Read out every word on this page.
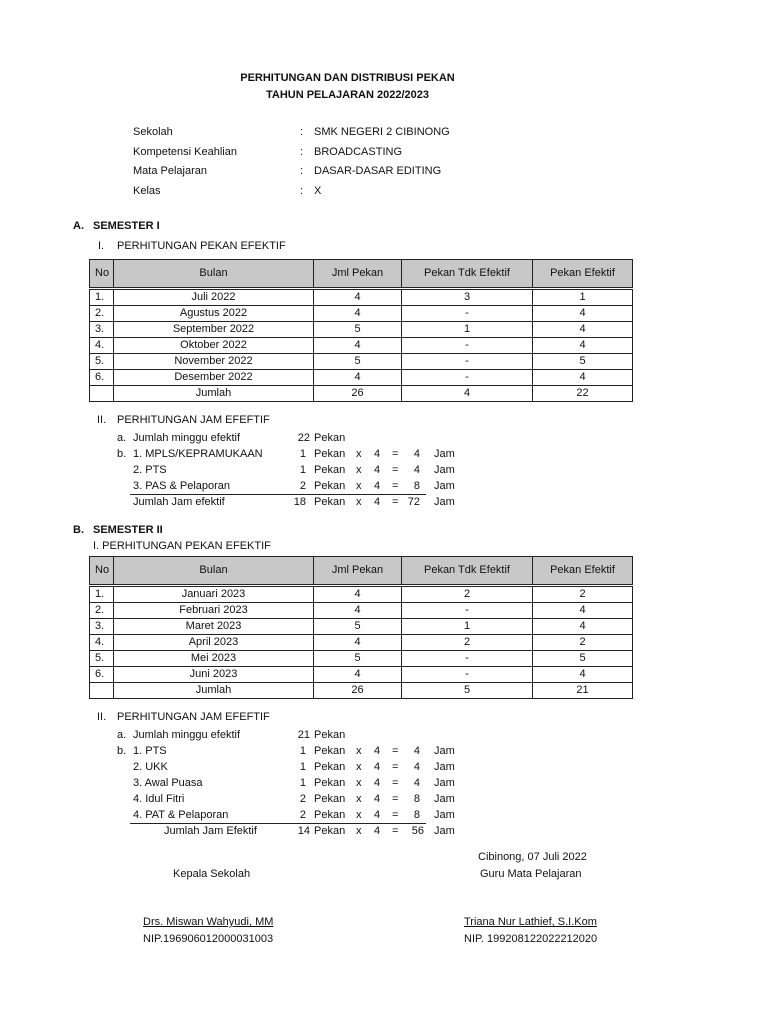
PERHITUNGAN DAN DISTRIBUSI PEKAN
TAHUN PELAJARAN 2022/2023
Sekolah	: SMK NEGERI 2 CIBINONG
Kompetensi Keahlian	: BROADCASTING
Mata Pelajaran	: DASAR-DASAR EDITING
Kelas	: X
A. SEMESTER I
I. PERHITUNGAN PEKAN EFEKTIF
No	Bulan	Jml Pekan	Pekan Tdk Efektif	Pekan Efektif

1.	Juli 2022	4	3	1
2.	Agustus 2022	4	-	4
3.	September 2022	5	1	4
4.	Oktober 2022	4	-	4
5.	November 2022	5	-	5
6.	Desember 2022	4	-	4
	Jumlah	26	4	22
II. PERHITUNGAN JAM EFEFTIF
a. Jumlah minggu efektif	22 Pekan
b. 1. MPLS/KEPRAMUKAAN	1 Pekan x 4 =	4 Jam
2. PTS	1 Pekan x 4 =	4 Jam
3. PAS & Pelaporan	2 Pekan x 4 =	8 Jam
Jumlah Jam efektif	18 Pekan x 4 = 72 Jam
B. SEMESTER II
I. PERHITUNGAN PEKAN EFEKTIF
No	Bulan	Jml Pekan	Pekan Tdk Efektif	Pekan Efektif

1.	Januari 2023	4	2	2
2.	Februari 2023	4	-	4
3.	Maret 2023	5	1	4
4.	April 2023	4	2	2
5.	Mei 2023	5	-	5
6.	Juni 2023	4	-	4
	Jumlah	26	5	21
II. PERHITUNGAN JAM EFEFTIF
a. Jumlah minggu efektif	21 Pekan
b. 1. PTS	1 Pekan x 4 =	4 Jam
2. UKK	1 Pekan x 4 =	4 Jam
3. Awal Puasa	1 Pekan x 4 =	4 Jam
4. Idul Fitri	2 Pekan x 4 =	8 Jam
4. PAT & Pelaporan	2 Pekan x 4 =	8 Jam
Jumlah Jam Efektif	14 Pekan x 4 =	56 Jam
Cibinong, 07 Juli 2022
Kepala Sekolah	Guru Mata Pelajaran
Drs. Miswan Wahyudi, MM
NIP.196906012000031003
Triana Nur Lathief, S.I.Kom
NIP. 199208122022212020
